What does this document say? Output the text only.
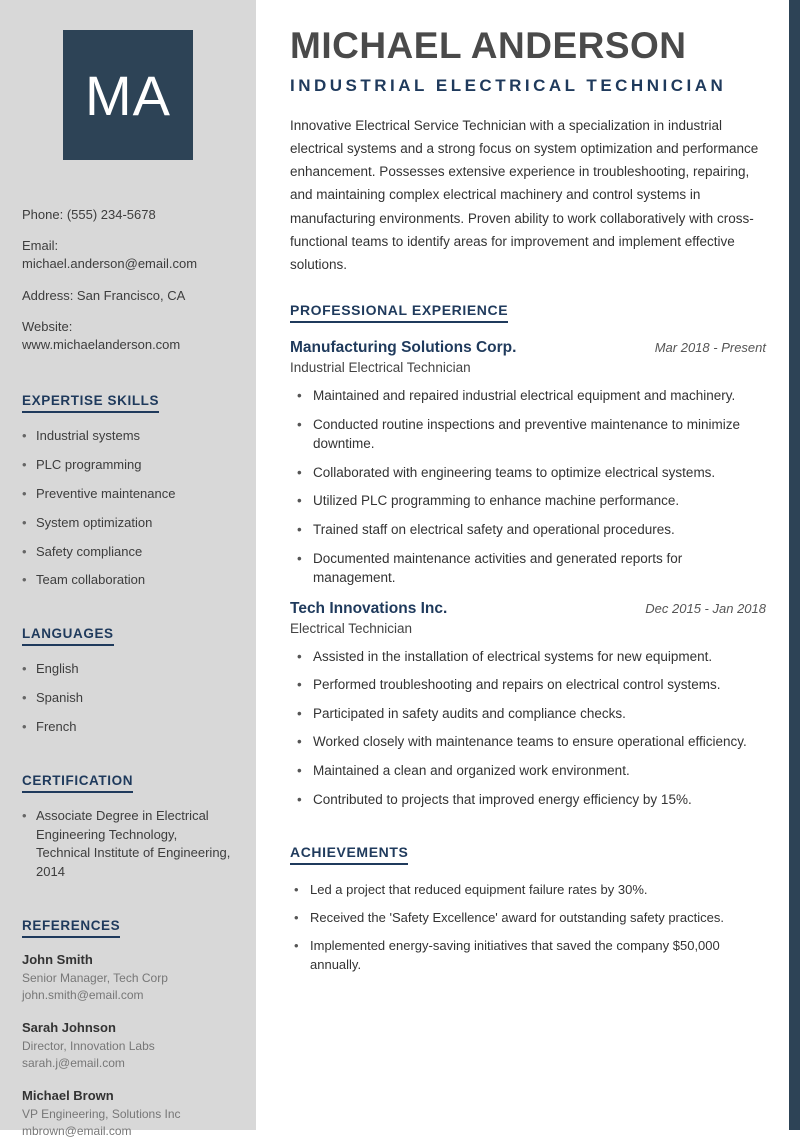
MA
Phone: (555) 234-5678
Email: michael.anderson@email.com
Address: San Francisco, CA
Website: www.michaelanderson.com
EXPERTISE SKILLS
• Industrial systems
• PLC programming
• Preventive maintenance
• System optimization
• Safety compliance
• Team collaboration
LANGUAGES
• English
• Spanish
• French
CERTIFICATION
• Associate Degree in Electrical Engineering Technology, Technical Institute of Engineering, 2014
REFERENCES
John Smith
Senior Manager, Tech Corp
john.smith@email.com
Sarah Johnson
Director, Innovation Labs
sarah.j@email.com
Michael Brown
VP Engineering, Solutions Inc
mbrown@email.com
MICHAEL ANDERSON
INDUSTRIAL ELECTRICAL TECHNICIAN

Innovative Electrical Service Technician with a specialization in industrial electrical systems and a strong focus on system optimization and performance enhancement. Possesses extensive experience in troubleshooting, repairing, and maintaining complex electrical machinery and control systems in manufacturing environments. Proven ability to work collaboratively with cross-functional teams to identify areas for improvement and implement effective solutions.

PROFESSIONAL EXPERIENCE
Manufacturing Solutions Corp.	Mar 2018 - Present
Industrial Electrical Technician
• Maintained and repaired industrial electrical equipment and machinery.
• Conducted routine inspections and preventive maintenance to minimize downtime.
• Collaborated with engineering teams to optimize electrical systems.
• Utilized PLC programming to enhance machine performance.
• Trained staff on electrical safety and operational procedures.
• Documented maintenance activities and generated reports for management.
Tech Innovations Inc.	Dec 2015 - Jan 2018
Electrical Technician
• Assisted in the installation of electrical systems for new equipment.
• Performed troubleshooting and repairs on electrical control systems.
• Participated in safety audits and compliance checks.
• Worked closely with maintenance teams to ensure operational efficiency.
• Maintained a clean and organized work environment.
• Contributed to projects that improved energy efficiency by 15%.
ACHIEVEMENTS
• Led a project that reduced equipment failure rates by 30%.
• Received the 'Safety Excellence' award for outstanding safety practices.
• Implemented energy-saving initiatives that saved the company $50,000 annually.
